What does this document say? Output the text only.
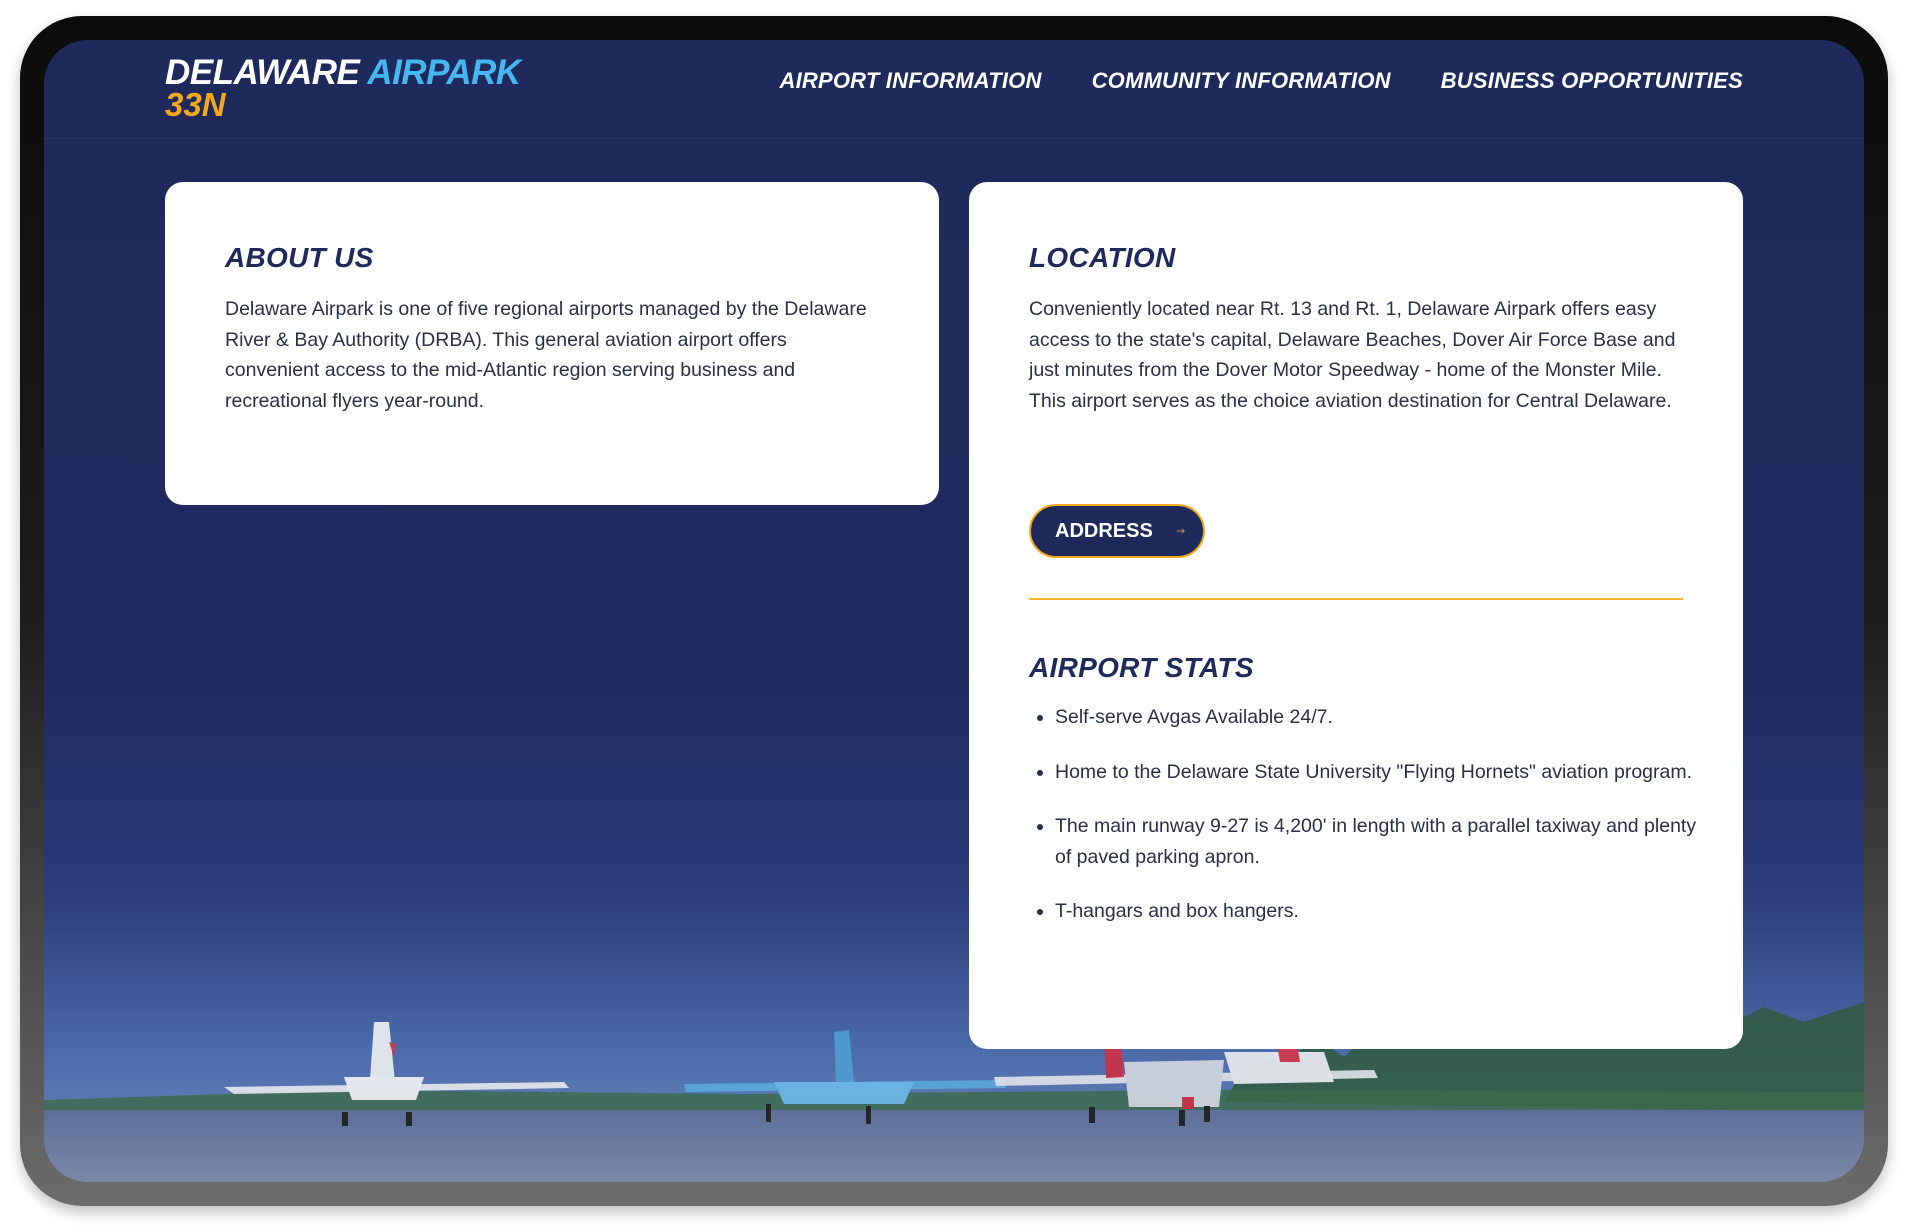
DELAWARE AIRPARK
33N
AIRPORT INFORMATION COMMUNITY INFORMATION BUSINESS OPPORTUNITIES
ABOUT US

Delaware Airpark is one of five regional airports managed by the Delaware River & Bay Authority (DRBA). This general aviation airport offers convenient access to the mid-Atlantic region serving business and recreational flyers year-round.

LOCATION

Conveniently located near Rt. 13 and Rt. 1, Delaware Airpark offers easy access to the state's capital, Delaware Beaches, Dover Air Force Base and just minutes from the Dover Motor Speedway - home of the Monster Mile. This airport serves as the choice aviation destination for Central Delaware.

ADDRESS
AIRPORT STATS
• Self-serve Avgas Available 24/7.
• Home to the Delaware State University "Flying Hornets" aviation program.
• The main runway 9-27 is 4,200' in length with a parallel taxiway and plenty of paved parking apron.
• T-hangars and box hangers.
